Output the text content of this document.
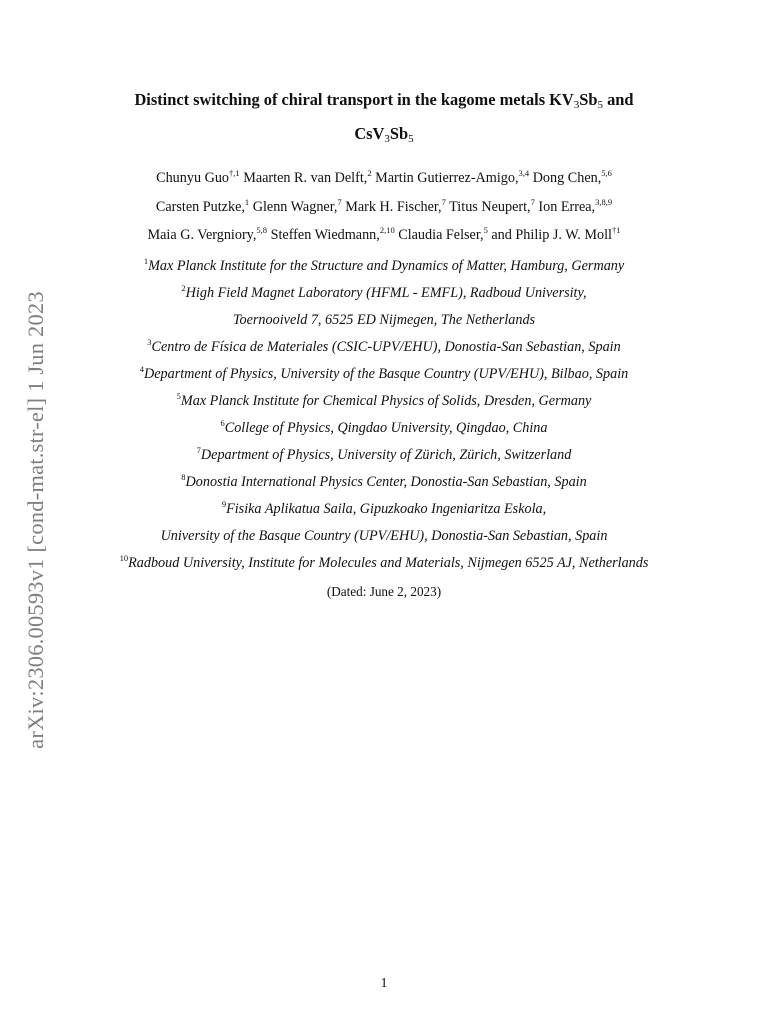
arXiv:2306.00593v1 [cond-mat.str-el] 1 Jun 2023
Distinct switching of chiral transport in the kagome metals $KV_3Sb_5$ and
$CsV_3Sb_5$
Chunyu Guo$^{\dagger,1}$ Maarten R. van Delft,$^2$ Martin Gutierrez-Amigo,$^{3,4}$ Dong Chen,$^{5,6}$
Carsten Putzke,$^1$ Glenn Wagner,$^7$ Mark H. Fischer,$^7$ Titus Neupert,$^7$ Ion Errea,$^{3,8,9}$
Maia G. Vergniory,$^{5,8}$ Steffen Wiedmann,$^{2,10}$ Claudia Felser,$^5$ and Philip J. W. Moll$^{\dagger 1}$
$^1$Max Planck Institute for the Structure and Dynamics of Matter, Hamburg, Germany
$^2$High Field Magnet Laboratory (HFML - EMFL), Radboud University,
Toernooiveld 7, 6525 ED Nijmegen, The Netherlands
$^3$Centro de Física de Materiales (CSIC-UPV/EHU), Donostia-San Sebastian, Spain
$^4$Department of Physics, University of the Basque Country (UPV/EHU), Bilbao, Spain
$^5$Max Planck Institute for Chemical Physics of Solids, Dresden, Germany
$^6$College of Physics, Qingdao University, Qingdao, China
$^7$Department of Physics, University of Zürich, Zürich, Switzerland
$^8$Donostia International Physics Center, Donostia-San Sebastian, Spain
$^9$Fisika Aplikatua Saila, Gipuzkoako Ingeniaritza Eskola,
University of the Basque Country (UPV/EHU), Donostia-San Sebastian, Spain
$^{10}$Radboud University, Institute for Molecules and Materials, Nijmegen 6525 AJ, Netherlands
(Dated: June 2, 2023)
1
